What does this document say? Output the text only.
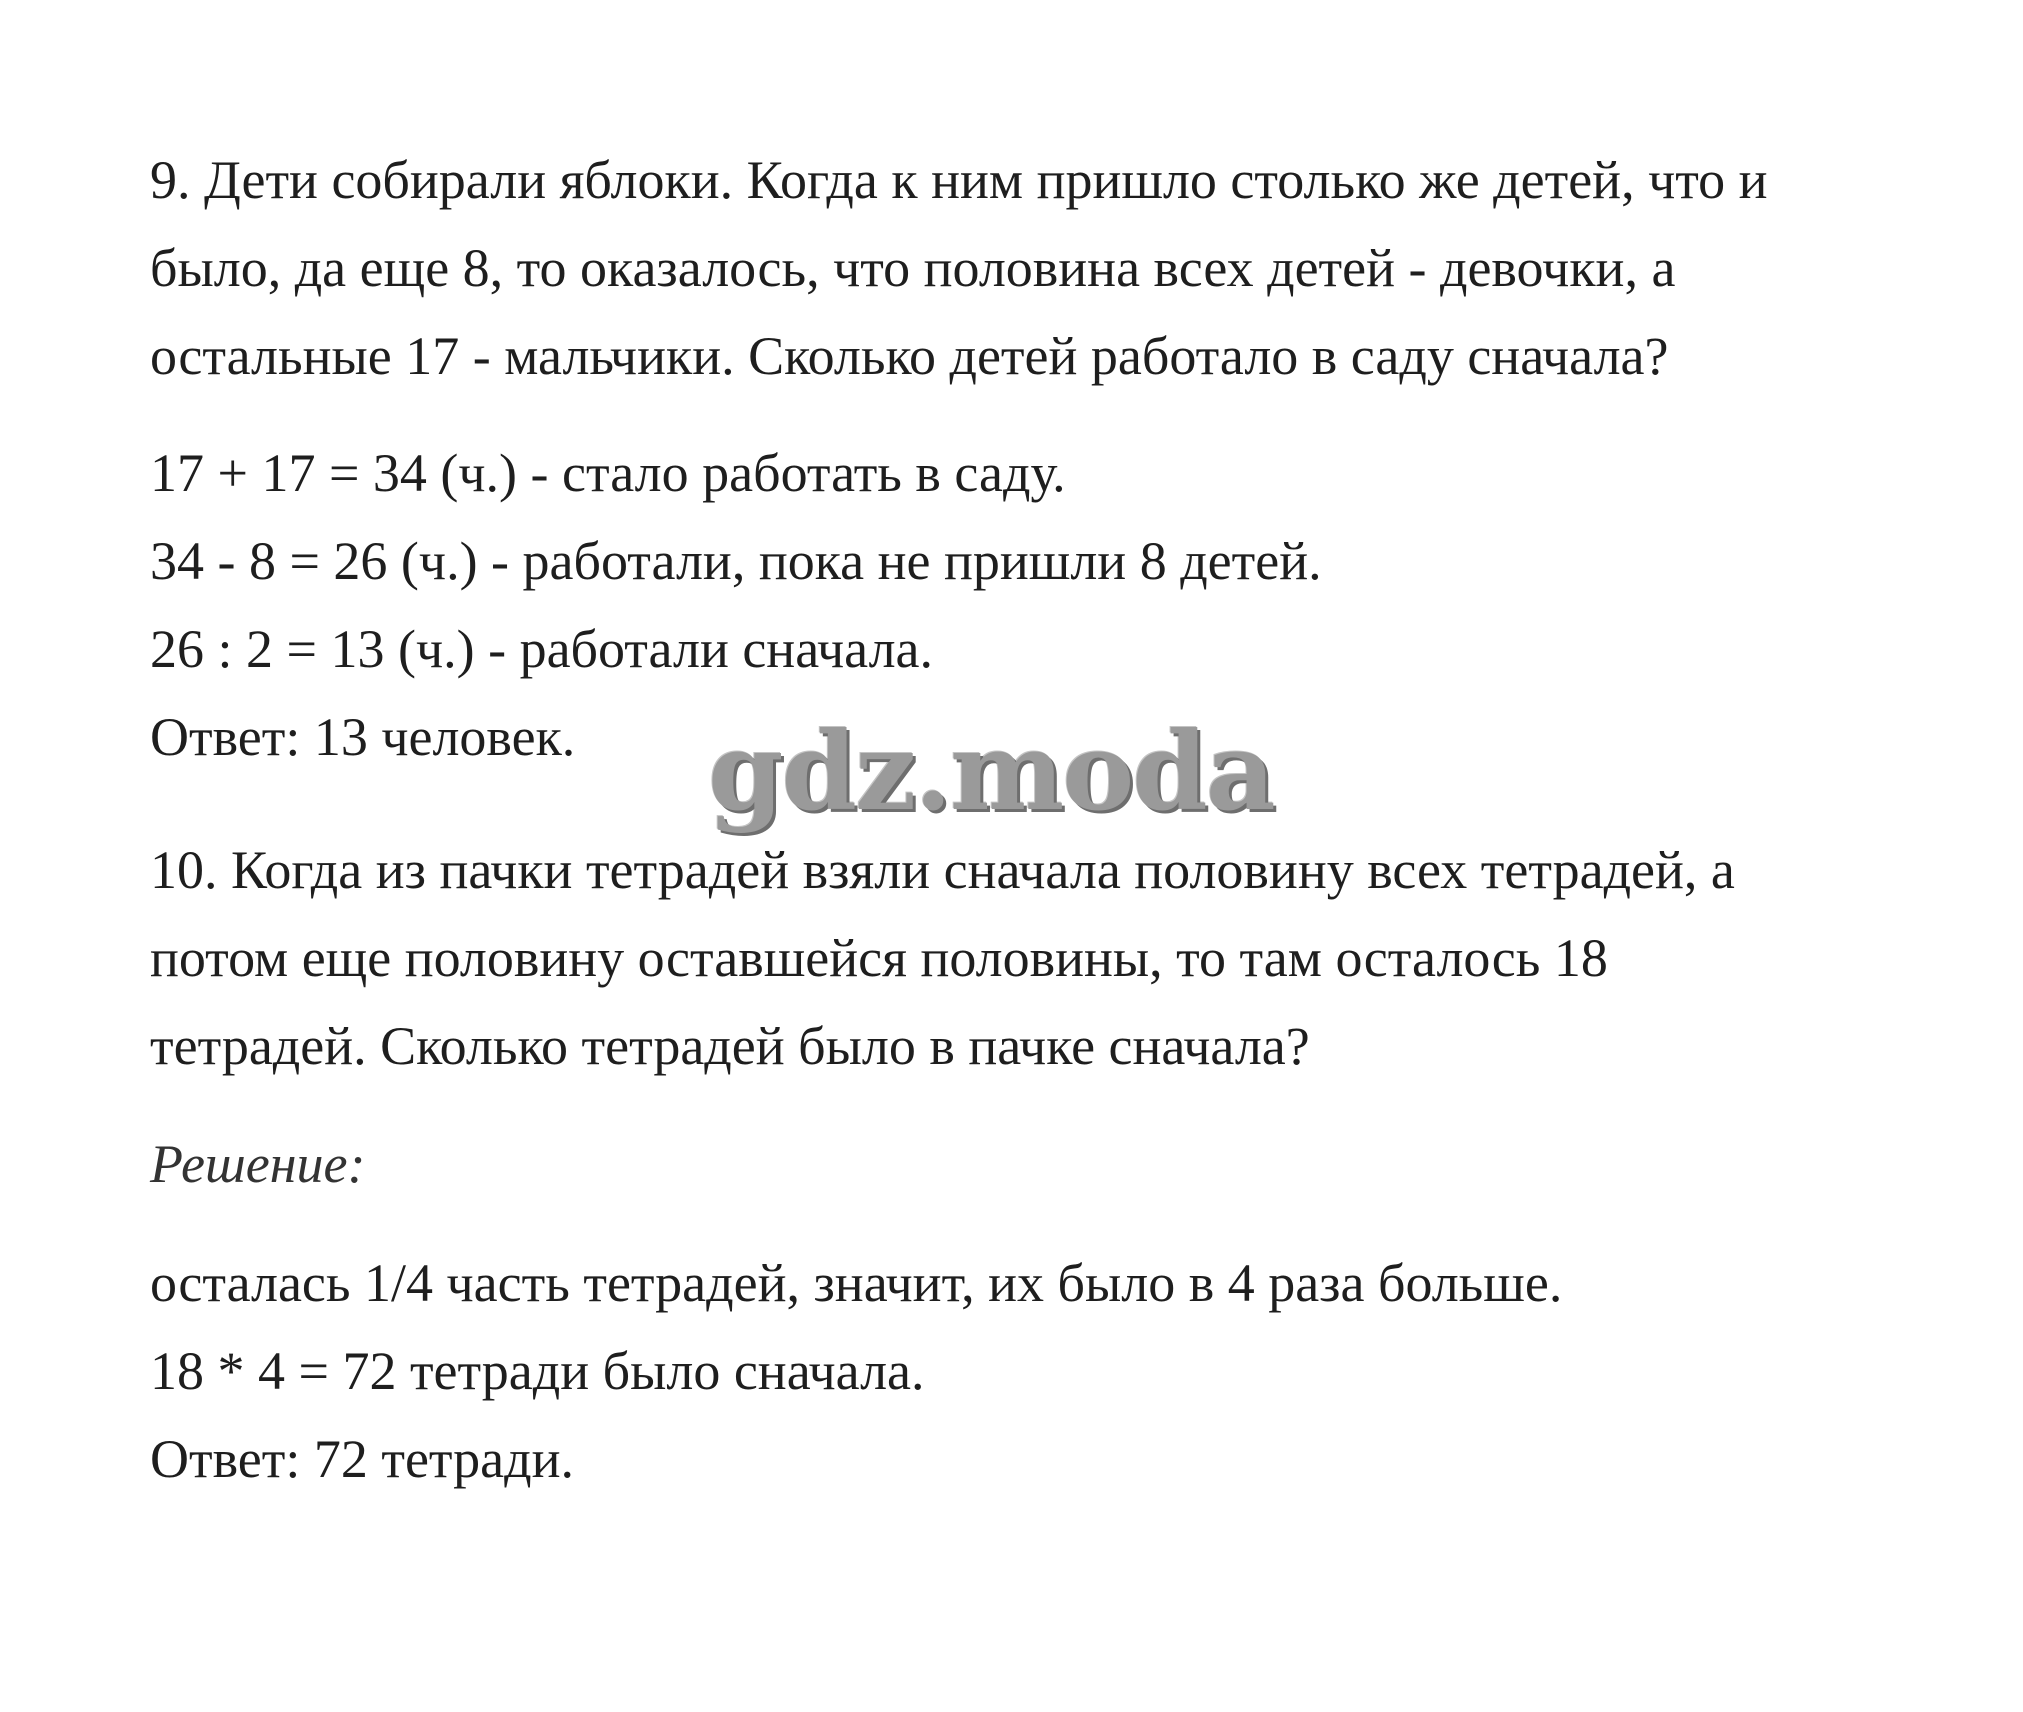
9. Дети собирали яблоки. Когда к ним пришло столько же детей, что и
было, да еще 8, то оказалось, что половина всех детей - девочки, а
остальные 17 - мальчики. Сколько детей работало в саду сначала?
17 + 17 = 34 (ч.) - стало работать в саду.
34 - 8 = 26 (ч.) - работали, пока не пришли 8 детей.
26 : 2 = 13 (ч.) - работали сначала.
Ответ: 13 человек. gdz.moda
10. Когда из пачки тетрадей взяли сначала половину всех тетрадей, а
потом еще половину оставшейся половины, то там осталось 18
тетрадей. Сколько тетрадей было в пачке сначала?
Решение:
осталась 1/4 часть тетрадей, значит, их было в 4 раза больше.
18 * 4 = 72 тетради было сначала.
Ответ: 72 тетради.
